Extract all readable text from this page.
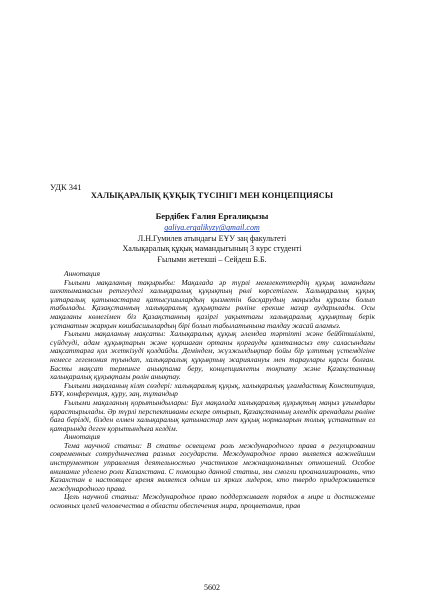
УДК 341
ХАЛЫҚАРАЛЫҚ ҚҰҚЫҚ ТҮСІНІГІ МЕН КОНЦЕПЦИЯСЫ
Бердібек Ғалия Ерғалиқызы
galiya.ergalikyzy@gmail.com
Л.Н.Гумилев атындағы ЕҰУ заң факультеті
Халықаралық құқық мамандығының 3 курс студенті
Ғылыми жетекші – Сейдеш Б.Б.

Аннотация

Ғылыми мақаланың тақырыбы: Мақалада әр түрлі мемлекеттердің құқық замандағы шектымамасын ретгеудегі халықаралық құқықтың рөлі көрсетілген. Халықаралық құқық ұлтаралық қатынастарға қатысушылардың қызметін басқарудың маңызды құралы болып табылады. Қазақстанның халықаралық құқықтағы рөліне ерекше назар аударылады. Осы мақаланы көмегімен біз Қазақстанның қазіргі уақыттағы халықаралық құқықтың берік ұстанатын жарқын көшбасшылардың бірі болып табылатынына талдау жасай аламыз.

Ғылыми мақаланың мақсаты: Халықаралық құқық әлемдеа тәртіпті және бейбітшілікті, сүйдеуді, адам құқықтарын және қоршаған ортаны қорғауды қамтамасыз ету саласындағы мақсаттарға қол жеткізуді қолдайды. Деміндем, жүзжылдықтар бойы бір ұлттың үстемдігіне немесе гегемония туындап, халықаралық құқықтың жариялануы мен тараулары қарсы болған. Басты мақсат терминге анықтама беру, концепциялеты тоқтату және Қазақстанның халықаралық құқықтағы рөлін анықтау.

Ғылыми мақаланың кілт сөздері: халықаралық құқық, халықаралық ұғамдастық Конституция, БҰҰ, конференция, құру, заң, тұтандыр

Ғылыми мақаланың қорытындылары: Бұл мақалада халықаралық құқықтың маңыз ұғымдары қарастырылады. Әр түрлі перспективаны ескере отырып, Қазақстанның әлемдік аренадағы рөліне баға берілді, бізден елмен халықаралық қатынастар мен құқық нормаларын толық ұстанатын ел қатарында деген қорытындыға келдім.

Аннотация

Тема научной статьи: В статье освещена роль международного права в регулировании современных сотрудничества разных государств. Международное право является важнейшим инструментом управления деятельностью участников межнациональных отношений. Особое внимание уделено роли Казахстана. С помощью данной статьи, мы смогли проанализировать, что Казахстан в настоящее время является одним из ярких лидеров, кто твердо придерживается международного права.

Цель научной статьи: Международное право поддерживает порядок в мире и достижение основных целей человечества в области обеспечения мира, процветания, прав

5602
